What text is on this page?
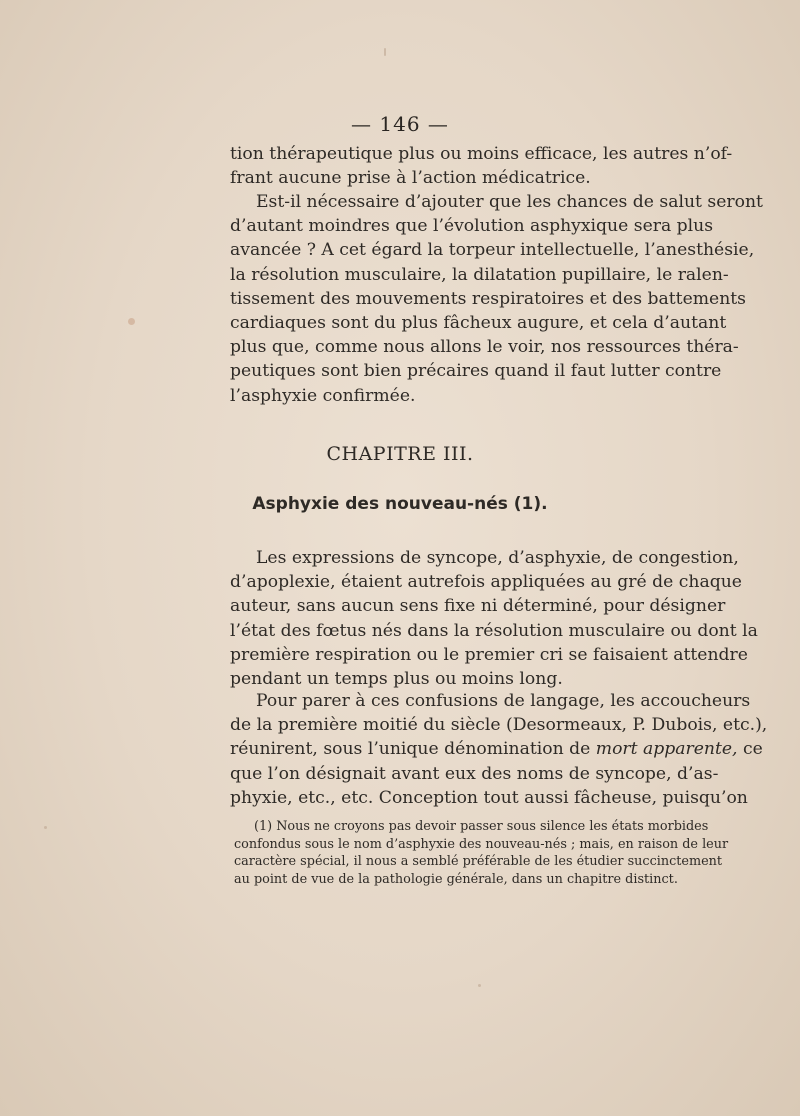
— 146 —

tion thérapeutique plus ou moins efficace, les autres n’of-
frant aucune prise à l’action médicatrice.

Est-il nécessaire d’ajouter que les chances de salut seront
d’autant moindres que l’évolution asphyxique sera plus
avancée ? A cet égard la torpeur intellectuelle, l’anesthésie,
la résolution musculaire, la dilatation pupillaire, le ralen-
tissement des mouvements respiratoires et des battements
cardiaques sont du plus fâcheux augure, et cela d’autant
plus que, comme nous allons le voir, nos ressources théra-
peutiques sont bien précaires quand il faut lutter contre
l’asphyxie confirmée.

CHAPITRE III.
Asphyxie des nouveau-nés (1).

Les expressions de syncope, d’asphyxie, de congestion,
d’apoplexie, étaient autrefois appliquées au gré de chaque
auteur, sans aucun sens fixe ni déterminé, pour désigner
l’état des fœtus nés dans la résolution musculaire ou dont la
première respiration ou le premier cri se faisaient attendre
pendant un temps plus ou moins long.

Pour parer à ces confusions de langage, les accoucheurs
de la première moitié du siècle (Desormeaux, P. Dubois, etc.),
réunirent, sous l’unique dénomination de mort apparente, ce
que l’on désignait avant eux des noms de syncope, d’as-
phyxie, etc., etc. Conception tout aussi fâcheuse, puisqu’on

(1) Nous ne croyons pas devoir passer sous silence les états morbides
confondus sous le nom d’asphyxie des nouveau-nés ; mais, en raison de leur
caractère spécial, il nous a semblé préférable de les étudier succinctement
au point de vue de la pathologie générale, dans un chapitre distinct.
